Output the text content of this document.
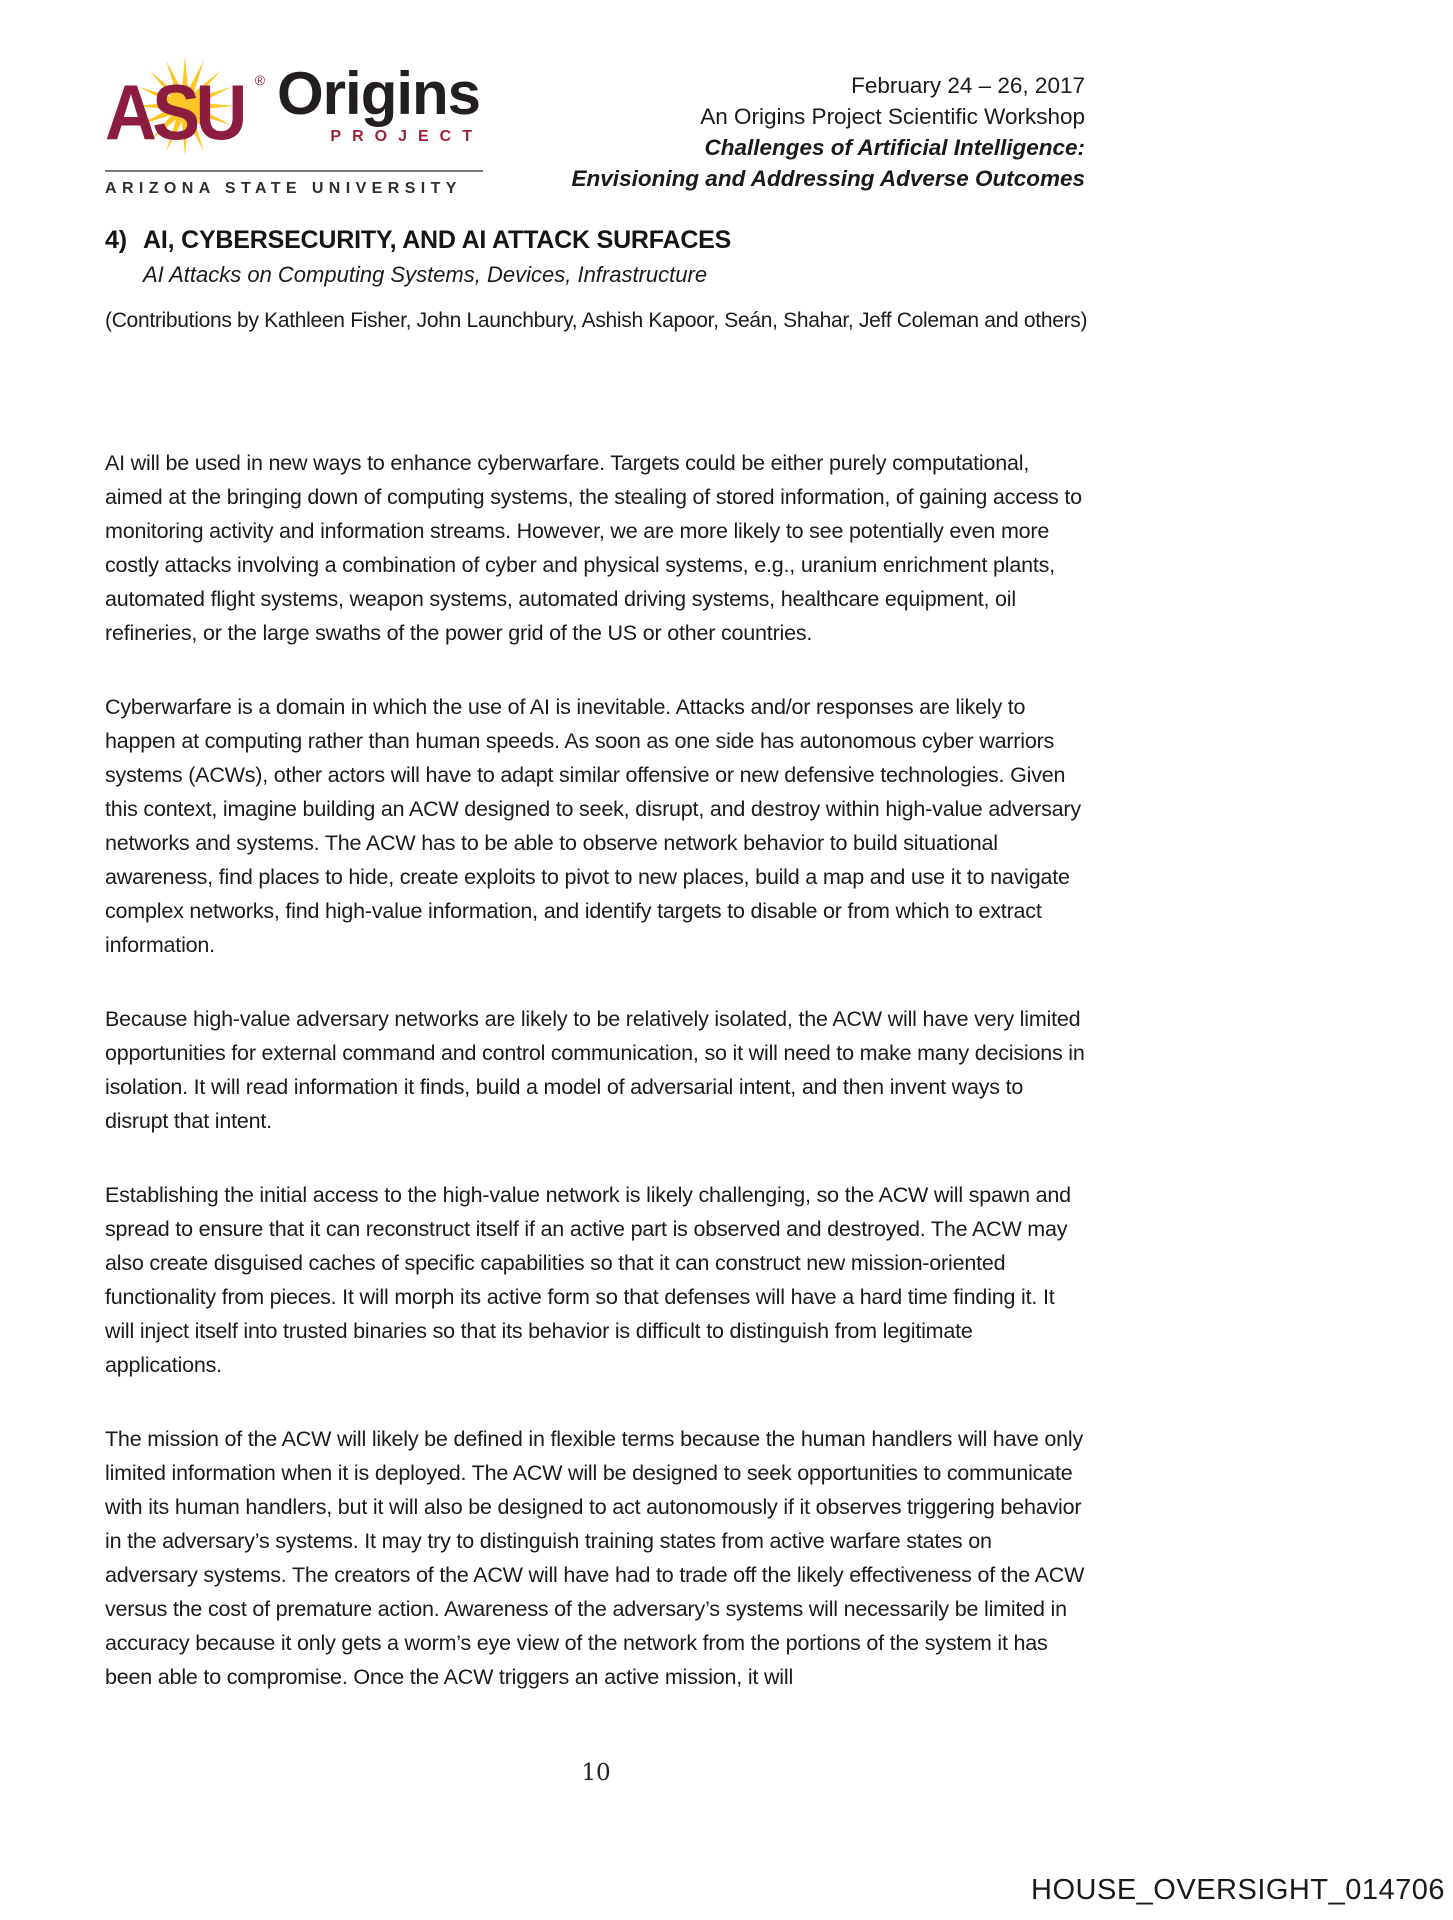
ASU ® Origins
PROJECT
ARIZONA STATE UNIVERSITY
February 24 – 26, 2017
An Origins Project Scientific Workshop
Challenges of Artificial Intelligence:
Envisioning and Addressing Adverse Outcomes
4) AI, CYBERSECURITY, AND AI ATTACK SURFACES
AI Attacks on Computing Systems, Devices, Infrastructure
(Contributions by Kathleen Fisher, John Launchbury, Ashish Kapoor, Seán, Shahar, Jeff Coleman and others)

AI will be used in new ways to enhance cyberwarfare. Targets could be either purely computational, aimed at the bringing down of computing systems, the stealing of stored information, of gaining access to monitoring activity and information streams. However, we are more likely to see potentially even more costly attacks involving a combination of cyber and physical systems, e.g., uranium enrichment plants, automated flight systems, weapon systems, automated driving systems, healthcare equipment, oil refineries, or the large swaths of the power grid of the US or other countries.

Cyberwarfare is a domain in which the use of AI is inevitable. Attacks and/or responses are likely to happen at computing rather than human speeds. As soon as one side has autonomous cyber warriors systems (ACWs), other actors will have to adapt similar offensive or new defensive technologies. Given this context, imagine building an ACW designed to seek, disrupt, and destroy within high-value adversary networks and systems. The ACW has to be able to observe network behavior to build situational awareness, find places to hide, create exploits to pivot to new places, build a map and use it to navigate complex networks, find high-value information, and identify targets to disable or from which to extract information.

Because high-value adversary networks are likely to be relatively isolated, the ACW will have very limited opportunities for external command and control communication, so it will need to make many decisions in isolation. It will read information it finds, build a model of adversarial intent, and then invent ways to disrupt that intent.

Establishing the initial access to the high-value network is likely challenging, so the ACW will spawn and spread to ensure that it can reconstruct itself if an active part is observed and destroyed. The ACW may also create disguised caches of specific capabilities so that it can construct new mission-oriented functionality from pieces. It will morph its active form so that defenses will have a hard time finding it. It will inject itself into trusted binaries so that its behavior is difficult to distinguish from legitimate applications.

The mission of the ACW will likely be defined in flexible terms because the human handlers will have only limited information when it is deployed. The ACW will be designed to seek opportunities to communicate with its human handlers, but it will also be designed to act autonomously if it observes triggering behavior in the adversary’s systems. It may try to distinguish training states from active warfare states on adversary systems. The creators of the ACW will have had to trade off the likely effectiveness of the ACW versus the cost of premature action. Awareness of the adversary’s systems will necessarily be limited in accuracy because it only gets a worm’s eye view of the network from the portions of the system it has been able to compromise. Once the ACW triggers an active mission, it will

10
HOUSE_OVERSIGHT_014706
